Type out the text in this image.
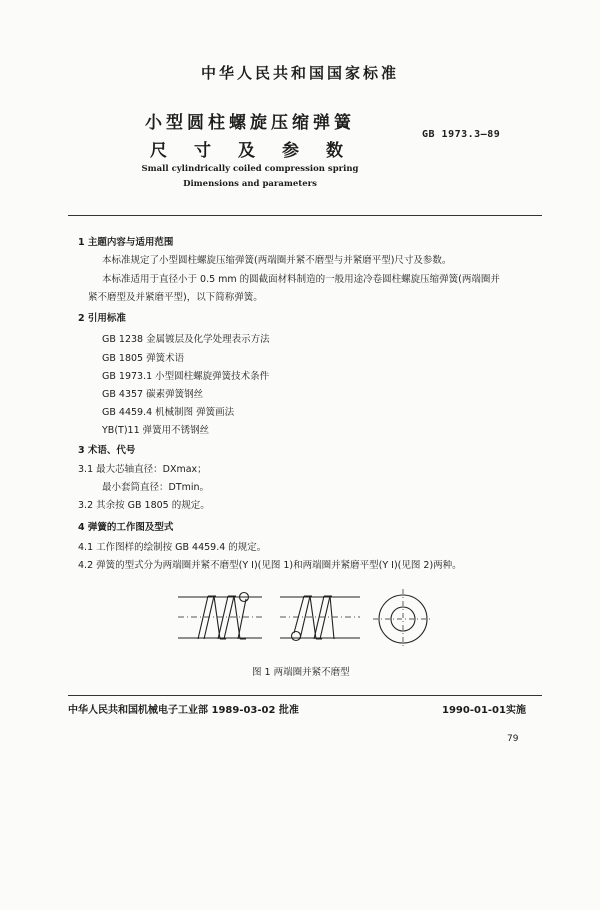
中华人民共和国国家标准
小型圆柱螺旋压缩弹簧
尺寸及参数
GB 1973.3—89
Small cylindrically coiled compression spring
Dimensions and parameters
1 主题内容与适用范围
本标准规定了小型圆柱螺旋压缩弹簧(两端圈并紧不磨型与并紧磨平型)尺寸及参数。
本标准适用于直径小于 0.5 mm 的圆截面材料制造的一般用途冷卷圆柱螺旋压缩弹簧(两端圈并
紧不磨型及并紧磨平型)，以下简称弹簧。
2 引用标准
GB 1238 金属镀层及化学处理表示方法
GB 1805 弹簧术语
GB 1973.1 小型圆柱螺旋弹簧技术条件
GB 4357 碳素弹簧钢丝
GB 4459.4 机械制图 弹簧画法
YB(T)11 弹簧用不锈钢丝
3 术语、代号
3.1 最大芯轴直径：DXmax；
最小套筒直径：DTmin。
3.2 其余按 GB 1805 的规定。
4 弹簧的工作图及型式
4.1 工作图样的绘制按 GB 4459.4 的规定。
4.2 弹簧的型式分为两端圈并紧不磨型(Y Ⅰ)(见图 1)和两端圈并紧磨平型(Y Ⅰ)(见图 2)两种。
图 1 两端圈并紧不磨型
中华人民共和国机械电子工业部 1989-03-02 批准	1990-01-01实施
79
